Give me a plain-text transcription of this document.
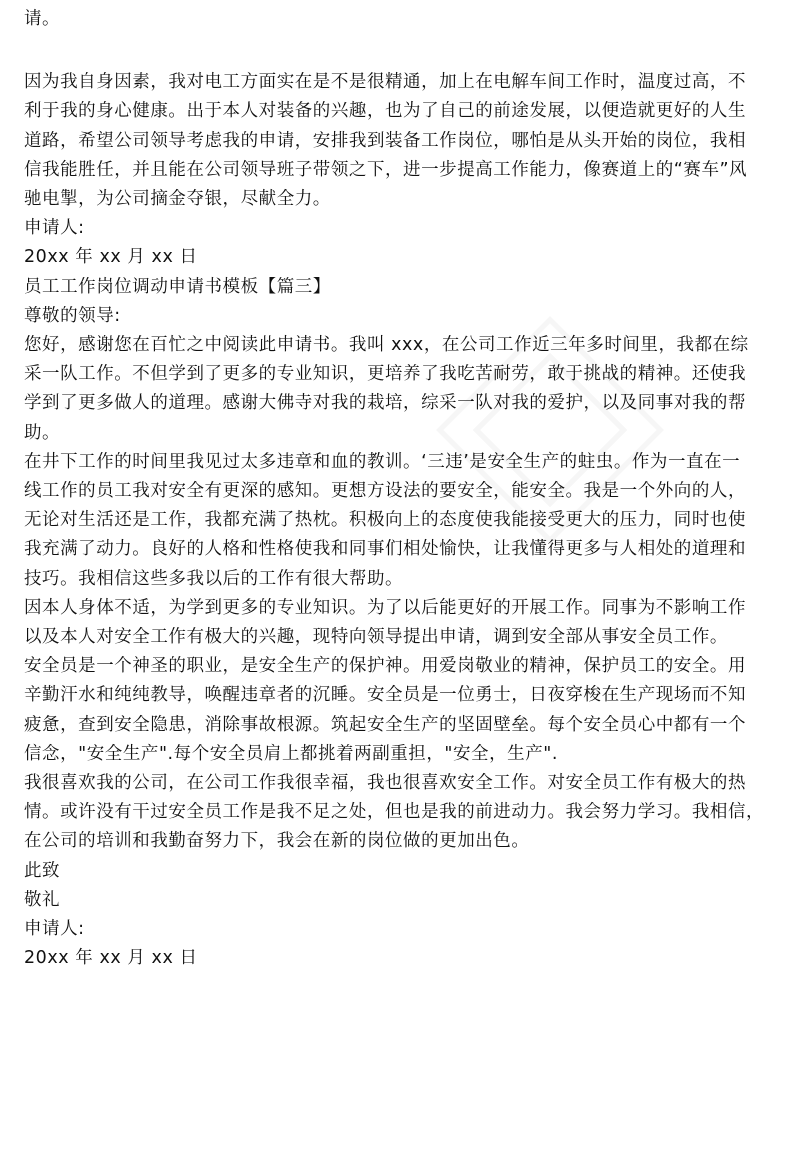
请。

因为我自身因素，我对电工方面实在是不是很精通，加上在电解车间工作时，温度过高，不

利于我的身心健康。出于本人对装备的兴趣，也为了自己的前途发展，以便造就更好的人生

道路，希望公司领导考虑我的申请，安排我到装备工作岗位，哪怕是从头开始的岗位，我相

信我能胜任，并且能在公司领导班子带领之下，进一步提高工作能力，像赛道上的“赛车”风

驰电掣，为公司摘金夺银，尽献全力。

申请人:

20xx 年 xx 月 xx 日

员工工作岗位调动申请书模板【篇三】

尊敬的领导:

您好，感谢您在百忙之中阅读此申请书。我叫 xxx，在公司工作近三年多时间里，我都在综

采一队工作。不但学到了更多的专业知识，更培养了我吃苦耐劳，敢于挑战的精神。还使我

学到了更多做人的道理。感谢大佛寺对我的栽培，综采一队对我的爱护，以及同事对我的帮

助。

在井下工作的时间里我见过太多违章和血的教训。‘三违’是安全生产的蛀虫。作为一直在一

线工作的员工我对安全有更深的感知。更想方设法的要安全，能安全。我是一个外向的人，

无论对生活还是工作，我都充满了热枕。积极向上的态度使我能接受更大的压力，同时也使

我充满了动力。良好的人格和性格使我和同事们相处愉快，让我懂得更多与人相处的道理和

技巧。我相信这些多我以后的工作有很大帮助。

因本人身体不适，为学到更多的专业知识。为了以后能更好的开展工作。同事为不影响工作

以及本人对安全工作有极大的兴趣，现特向领导提出申请，调到安全部从事安全员工作。

安全员是一个神圣的职业，是安全生产的保护神。用爱岗敬业的精神，保护员工的安全。用

辛勤汗水和纯纯教导，唤醒违章者的沉睡。安全员是一位勇士，日夜穿梭在生产现场而不知

疲惫，查到安全隐患，消除事故根源。筑起安全生产的坚固壁垒。每个安全员心中都有一个

信念，"安全生产".每个安全员肩上都挑着两副重担，"安全，生产".

我很喜欢我的公司，在公司工作我很幸福，我也很喜欢安全工作。对安全员工作有极大的热

情。或许没有干过安全员工作是我不足之处，但也是我的前进动力。我会努力学习。我相信，

在公司的培训和我勤奋努力下，我会在新的岗位做的更加出色。

此致

敬礼

申请人:

20xx 年 xx 月 xx 日
